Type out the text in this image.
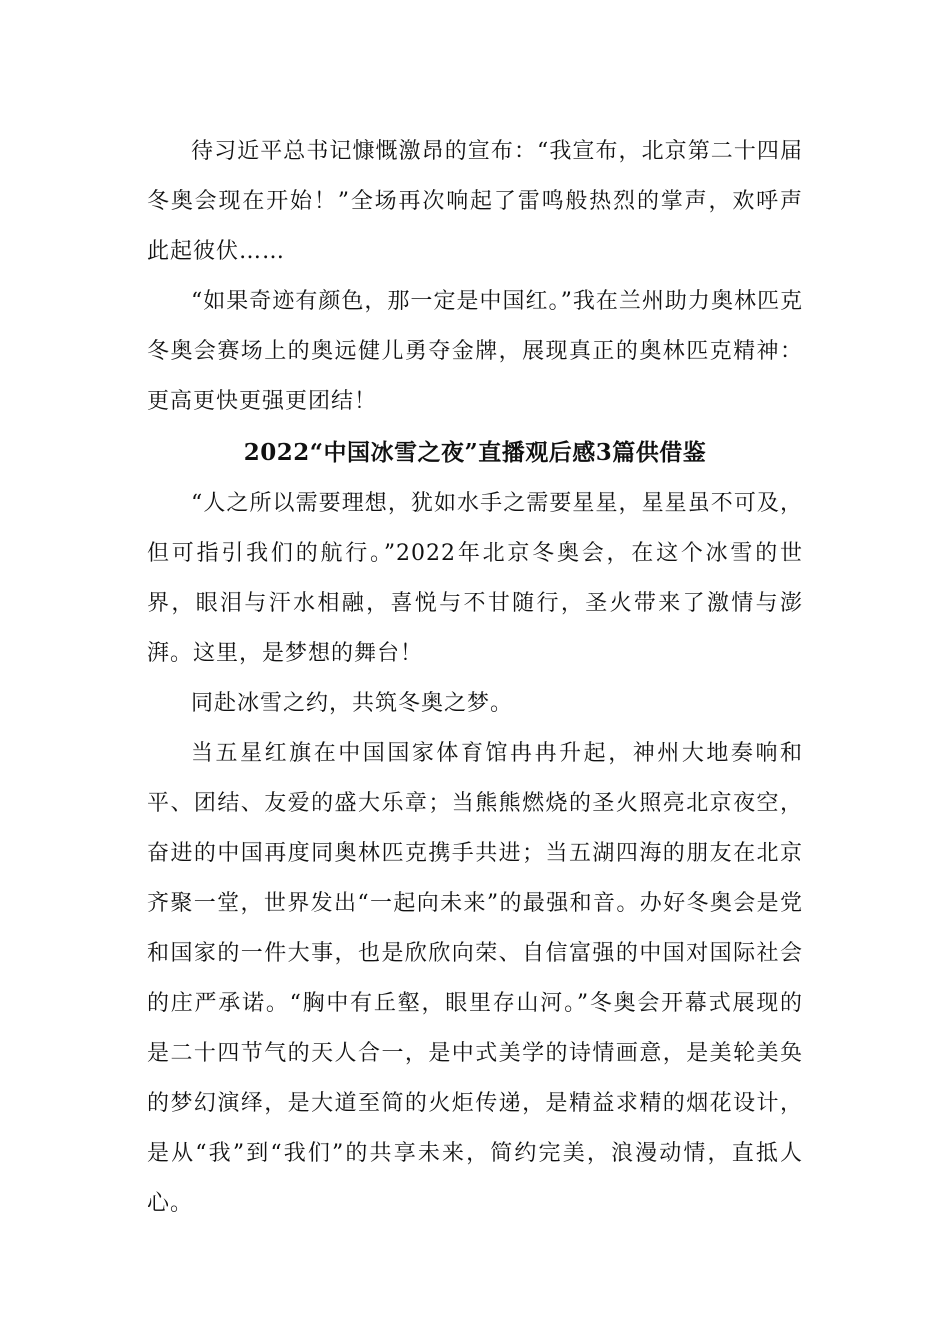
待习近平总书记慷慨激昂的宣布：“我宣布，北京第二十四届冬奥会现在开始！”全场再次响起了雷鸣般热烈的掌声，欢呼声此起彼伏……

“如果奇迹有颜色，那一定是中国红。”我在兰州助力奥林匹克冬奥会赛场上的奥远健儿勇夺金牌，展现真正的奥林匹克精神：更高更快更强更团结！

2022“中国冰雪之夜”直播观后感3篇供借鉴

“人之所以需要理想，犹如水手之需要星星，星星虽不可及，但可指引我们的航行。”2022年北京冬奥会，在这个冰雪的世界，眼泪与汗水相融，喜悦与不甘随行，圣火带来了激情与澎湃。这里，是梦想的舞台！

同赴冰雪之约，共筑冬奥之梦。

当五星红旗在中国国家体育馆冉冉升起，神州大地奏响和平、团结、友爱的盛大乐章；当熊熊燃烧的圣火照亮北京夜空，奋进的中国再度同奥林匹克携手共进；当五湖四海的朋友在北京齐聚一堂，世界发出“一起向未来”的最强和音。办好冬奥会是党和国家的一件大事，也是欣欣向荣、自信富强的中国对国际社会的庄严承诺。“胸中有丘壑，眼里存山河。”冬奥会开幕式展现的是二十四节气的天人合一，是中式美学的诗情画意，是美轮美奂的梦幻演绎，是大道至简的火炬传递，是精益求精的烟花设计，是从“我”到“我们”的共享未来，简约完美，浪漫动情，直抵人心。
